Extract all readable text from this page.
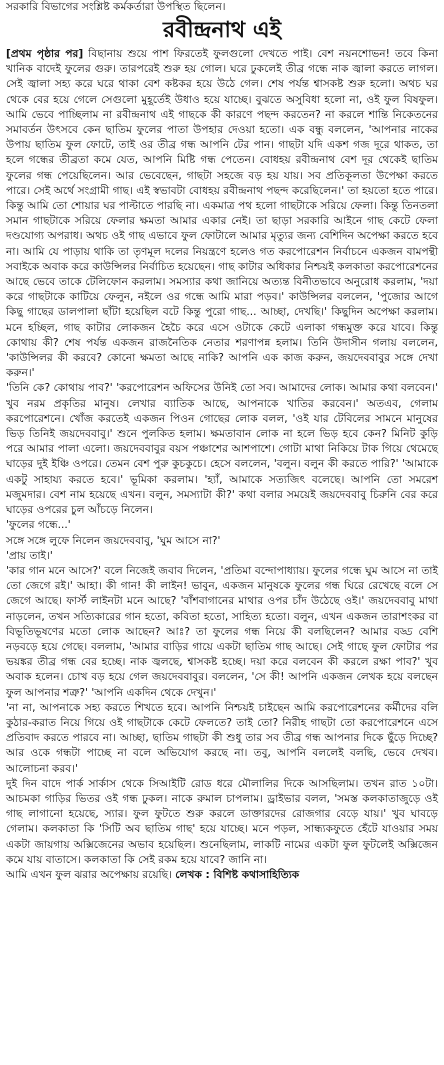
সরকারি বিভাগের সংশ্লিষ্ট কর্মকর্তারা উপস্থিত ছিলেন।
রবীন্দ্রনাথ এই

[প্রথম পৃষ্ঠার পর] বিছানায় শুয়ে পাশ ফিরতেই ফুলগুলো দেখতে পাই। বেশ নয়নশোভন! তবে কিনা খানিক বাদেই ফুলের গুরু। তারপরেই শুরু হয় গোল। ঘরে ঢুকলেই তীব্র গন্ধে নাক জ্বালা করতে লাগল। সেই জ্বালা সহ্য করে ঘরে থাকা বেশ কষ্টকর হয়ে উঠে গেল। শেষ পর্যন্ত শ্বাসকষ্ট শুরু হলো। অথচ ঘর থেকে বের হয়ে গেলে সেগুলো মুহূর্তেই উধাও হয়ে যাচ্ছে। বুঝতে অসুবিধা হলো না, ওই ফুল বিষফুল। আমি ভেবে পাচ্ছিলাম না রবীন্দ্রনাথ এই গাছকে কী কারণে পছন্দ করতেন? না করলে শান্তি নিকেতনের সমাবর্তন উৎসবে কেন ছাতিম ফুলের পাতা উপহার দেওয়া হতো। এক বন্ধু বললেন, 'আপনার নাকের উপায় ছাতিম ফুল ফোটে, তাই ওর তীব্র গন্ধ আপনি টের পান। গাছটা যদি একশ গজ দূরে থাকত, তা হলে গন্ধের তীব্রতা কমে যেত, আপনি মিষ্টি গন্ধ পেতেন। বোধহয় রবীন্দ্রনাথ বেশ দূর থেকেই ছাতিম ফুলের গন্ধ পেয়েছিলেন। আর ভেবেছেন, গাছটা সহজে বড় হয় যায়। সব প্রতিকূলতা উপেক্ষা করতে পারে। সেই অর্থে সংগ্রামী গাছ। এই স্বভাবটা বোধহয় রবীন্দ্রনাথ পছন্দ করেছিলেন।' তা হয়তো হতে পারে। কিন্তু আমি তো শোয়ার ঘর পাল্টাতে পারছি না। একমাত্র পথ হলো গাছটাকে সরিয়ে ফেলা। কিন্তু তিনতলা সমান গাছটাকে সরিয়ে ফেলার ক্ষমতা আমার একার নেই। তা ছাড়া সরকারি আইনে গাছ কেটে ফেলা দণ্ডযোগ্য অপরাধ। অথচ ওই গাছ এভাবে ফুল ফোটালে আমার মৃত্যুর জন্য বেশিদিন অপেক্ষা করতে হবে না। আমি যে পাড়ায় থাকি তা তৃণমূল দলের নিয়ন্ত্রণে হলেও গত করপোরেশন নির্বাচনে একজন বামপন্থী সবাইকে অবাক করে কাউন্সিলর নির্বাচিত হয়েছেন। গাছ কাটার অধিকার নিশ্চয়ই কলকাতা করপোরেশনের আছে ভেবে তাকে টেলিফোন করলাম। সমস্যার কথা জানিয়ে অত্যন্ত বিনীতভাবে অনুরোধ করলাম, 'দয়া করে গাছটাকে কাটিয়ে ফেলুন, নইলে ওর গন্ধে আমি মারা পড়ব।' কাউন্সিলর বললেন, 'পুজোর আগে কিছু গাছের ডালপালা ছাঁটা হয়েছিল বটে কিন্তু পুরো গাছ... আচ্ছা, দেখছি।' কিছুদিন অপেক্ষা করলাম। মনে হচ্ছিল, গাছ কাটার লোকজন হৈচৈ করে এসে ওটাকে কেটে এলাকা গন্ধমুক্ত করে যাবে। কিন্তু কোথায় কী? শেষ পর্যন্ত একজন রাজনৈতিক নেতার শরণাপন্ন হলাম। তিনি উদাসীন গলায় বললেন, 'কাউন্সিলর কী করবে? কোনো ক্ষমতা আছে নাকি? আপনি এক কাজ করুন, জয়দেববাবুর সঙ্গে দেখা করুন।'

'তিনি কে? কোথায় পাব?' 'করপোরেশন অফিসের উনিই তো সব। আমাদের লোক। আমার কথা বলবেন।' খুব নরম প্রকৃতির মানুষ। লেখার ব্যাতিক আছে, আপনাকে খাতির করবেন।' অতএব, গেলাম করপোরেশনে। খোঁজ করতেই একজন পিওন গোছের লোক বলল, 'ওই যার টেবিলের সামনে মানুষের ভিড় তিনিই জয়দেববাবু।' শুনে পুলকিত হলাম। ক্ষমতাবান লোক না হলে ভিড় হবে কেন? মিনিট কুড়ি পরে আমার পালা এলো। জয়দেববাবুর বয়স পঞ্চাশের আশপাশে। গোটা মাথা নিকিয়ে টাক গিয়ে থেমেছে ঘাড়ের দুই ইঞ্চি ওপরে। তেমন বেশ পুরু কুচকুচে। হেসে বললেন, 'বলুন। বলুন কী করতে পারি?' 'আমাকে একটু সাহায্য করতে হবে।' ভূমিকা করলাম। 'হ্যাঁ, আমাকে সত্যজিৎ বলেছে। আপনি তো সমরেশ মজুমদার। বেশ নাম হয়েছে এখন। বলুন, সমস্যাটা কী?' কথা বলার সময়েই জয়দেববাবু চিরুনি বের করে ঘাড়ের ওপরের চুল আঁচড়ে নিলেন।

'ফুলের গন্ধে...'

সঙ্গে সঙ্গে লুফে নিলেন জয়দেববাবু, 'ঘুম আসে না?'

'প্রায় তাই।'

'কার গান মনে আসে?' বলে নিজেই জবাব দিলেন, 'প্রতিমা বন্দোপাধ্যায়। ফুলের গন্ধে ঘুম আসে না তাই তো জেগে রই।' আহা। কী গান! কী লাইন! ভাবুন, একজন মানুষকে ফুলের গন্ধ ঘিরে রেখেছে বলে সে জেগে আছে। ফার্স্ট লাইনটা মনে আছে? 'বাঁশবাগানের মাথার ওপর চাঁদ উঠেছে ওই।' জয়দেববাবু মাথা নাড়লেন, তখন সত্যিকারের গান হতো, কবিতা হতো, সাহিত্য হতো। বলুন, এখন একজন তারাশংকর বা বিভূতিভূষণের মতো লোক আছেন? আঃ? তা ফুলের গন্ধ নিয়ে কী বলছিলেন? আমার বড্ড বেশি নড়বড়ে হয়ে গেছে। বললাম, 'আমার বাড়ির গায়ে একটা ছাতিম গাছ আছে। সেই গাছে ফুল ফোটার পর ভয়ঙ্কর তীব্র গন্ধ বের হচ্ছে। নাক জ্বলছে, শ্বাসকষ্ট হচ্ছে। দয়া করে বলবেন কী করলে রক্ষা পাব?' খুব অবাক হলেন। চোখ বড় হয়ে গেল জয়দেববাবুর। বললেন, 'সে কী! আপনি একজন লেখক হয়ে বলছেন ফুল আপনার শত্রু?' 'আপনি একদিন থেকে দেখুন।'

'না না, আপনাকে সহ্য করতে শিখতে হবে। আপনি নিশ্চয়ই চাইছেন আমি করপোরেশনের কর্মীদের বলি কুঠার-করাত নিয়ে গিয়ে ওই গাছটাকে কেটে ফেলতে? তাই তো? নিরীহ গাছটা তো করপোরেশনে এসে প্রতিবাদ করতে পারবে না। আচ্ছা, ছাতিম গাছটা কী শুধু তার সব তীব্র গন্ধ আপনার দিকে ছুঁড়ে দিচ্ছে? আর ওকে গন্ধটা পাচ্ছে না বলে অভিযোগ করছে না। তবু, আপনি বললেই বলছি, ভেবে দেখব। আলোচনা করব।'

দুই দিন বাদে পার্ক সার্কাস থেকে সিআইটি রোড ধরে মৌলালির দিকে আসছিলাম। তখন রাত ১০টা। আচমকা গাড়ির ভিতর ওই গন্ধ ঢুকল। নাকে রুমাল চাপলাম। ড্রাইভার বলল, 'সমস্ত কলকাতাজুড়ে ওই গাছ লাগানো হয়েছে, স্যার। ফুল ফুটতে শুরু করলে ডাক্তারদের রোজগার বেড়ে যায়।' খুব ঘাবড়ে গেলাম। কলকাতা কি 'সিটি অব ছাতিম গাছ' হয়ে যাচ্ছে। মনে পড়ল, সান্ধ্যকফুতে হেঁটে যাওয়ার সময় একটা জায়গায় অক্সিজেনের অভাব হয়েছিল। শুনেছিলাম, লাকটি নামের একটা ফুল ফুটলেই অক্সিজেন কমে যায় বাতাসে। কলকাতা কি সেই রকম হয়ে যাবে? জানি না।

আমি এখন ফুল ঝরার অপেক্ষায় রয়েছি। লেখক : বিশিষ্ট কথাসাহিত্যিক
